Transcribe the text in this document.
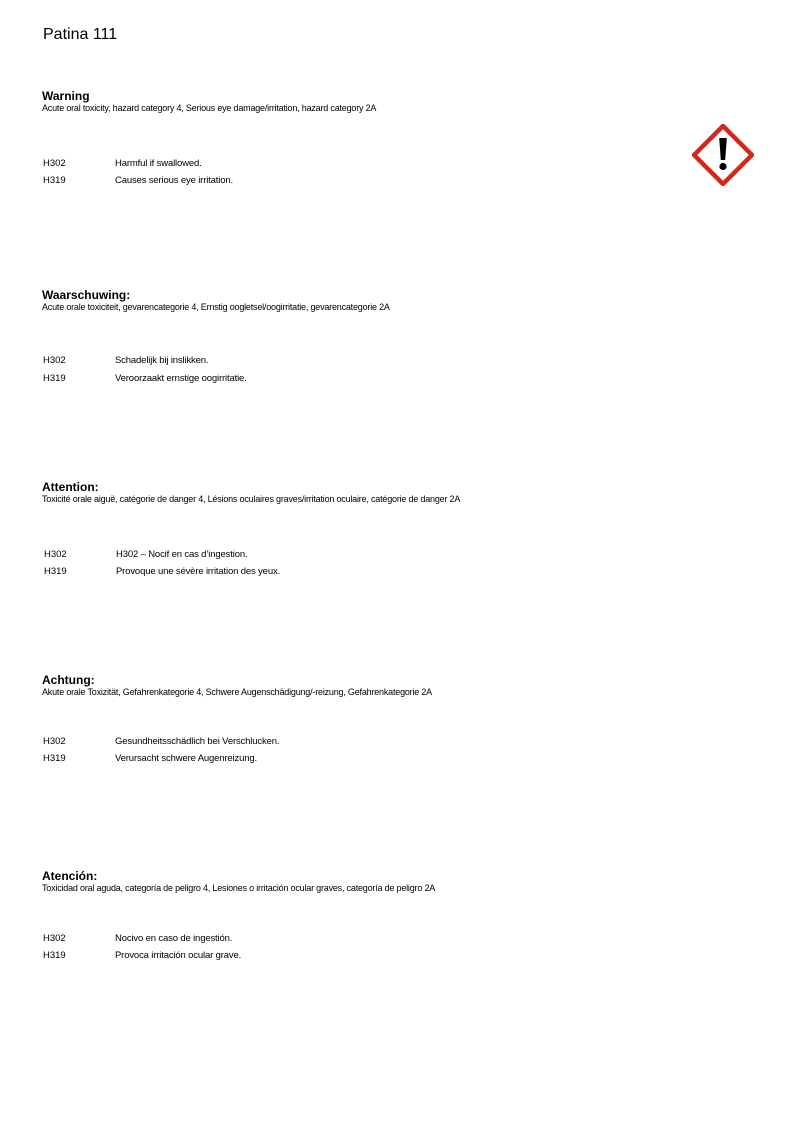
Patina 111
Warning
Acute oral toxicity, hazard category 4, Serious eye damage/irritation, hazard category 2A
H302	Harmful if swallowed.
H319	Causes serious eye irritation.
Waarschuwing:
Acute orale toxiciteit, gevarencategorie 4, Ernstig oogletsel/oogirritatie, gevarencategorie 2A
H302	Schadelijk bij inslikken.
H319	Veroorzaakt ernstige oogirritatie.
Attention:
Toxicité orale aiguë, catégorie de danger 4, Lésions oculaires graves/irritation oculaire, catégorie de danger 2A
H302	H302 – Nocif en cas d’ingestion.
H319	Provoque une sévère irritation des yeux.
Achtung:
Akute orale Toxizität, Gefahrenkategorie 4, Schwere Augenschädigung/-reizung, Gefahrenkategorie 2A
H302	Gesundheitsschädlich bei Verschlucken.
H319	Verursacht schwere Augenreizung.
Atención:
Toxicidad oral aguda, categoría de peligro 4, Lesiones o irritación ocular graves, categoría de peligro 2A
H302	Nocivo en caso de ingestión.
H319	Provoca irritación ocular grave.
